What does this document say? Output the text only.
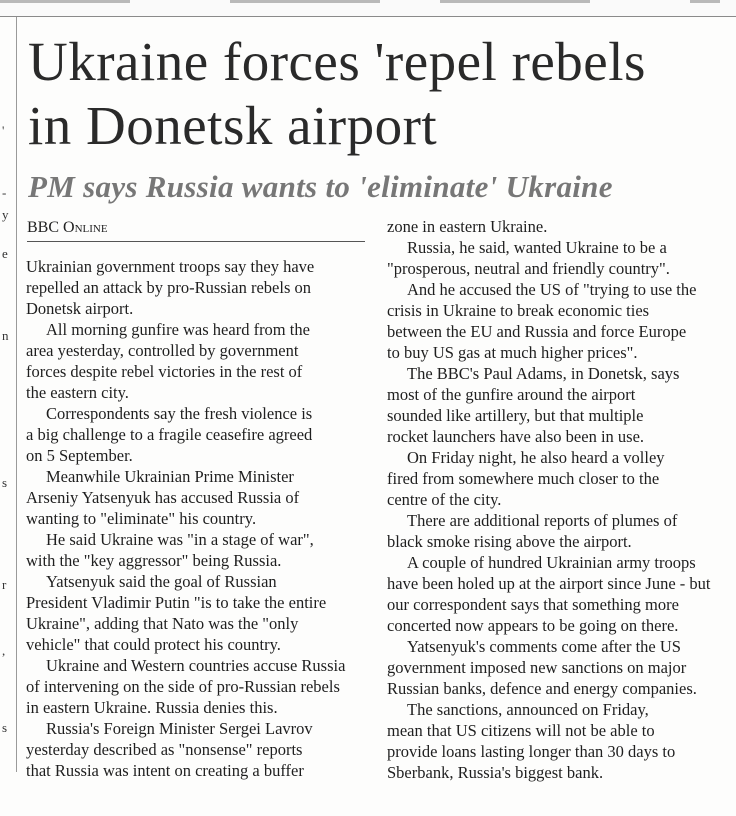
'
-
y
e
n
s
r
,
s
Ukraine forces 'repel rebels
in Donetsk airport
PM says Russia wants to 'eliminate' Ukraine
BBC Online
Ukrainian government troops say they have
repelled an attack by pro-Russian rebels on
Donetsk airport.
All morning gunfire was heard from the
area yesterday, controlled by government
forces despite rebel victories in the rest of
the eastern city.
Correspondents say the fresh violence is
a big challenge to a fragile ceasefire agreed
on 5 September.
Meanwhile Ukrainian Prime Minister
Arseniy Yatsenyuk has accused Russia of
wanting to "eliminate" his country.
He said Ukraine was "in a stage of war",
with the "key aggressor" being Russia.
Yatsenyuk said the goal of Russian
President Vladimir Putin "is to take the entire
Ukraine", adding that Nato was the "only
vehicle" that could protect his country.
Ukraine and Western countries accuse Russia
of intervening on the side of pro-Russian rebels
in eastern Ukraine. Russia denies this.
Russia's Foreign Minister Sergei Lavrov
yesterday described as "nonsense" reports
that Russia was intent on creating a buffer
zone in eastern Ukraine.
Russia, he said, wanted Ukraine to be a
"prosperous, neutral and friendly country".
And he accused the US of "trying to use the
crisis in Ukraine to break economic ties
between the EU and Russia and force Europe
to buy US gas at much higher prices".
The BBC's Paul Adams, in Donetsk, says
most of the gunfire around the airport
sounded like artillery, but that multiple
rocket launchers have also been in use.
On Friday night, he also heard a volley
fired from somewhere much closer to the
centre of the city.
There are additional reports of plumes of
black smoke rising above the airport.
A couple of hundred Ukrainian army troops
have been holed up at the airport since June - but
our correspondent says that something more
concerted now appears to be going on there.
Yatsenyuk's comments come after the US
government imposed new sanctions on major
Russian banks, defence and energy companies.
The sanctions, announced on Friday,
mean that US citizens will not be able to
provide loans lasting longer than 30 days to
Sberbank, Russia's biggest bank.
